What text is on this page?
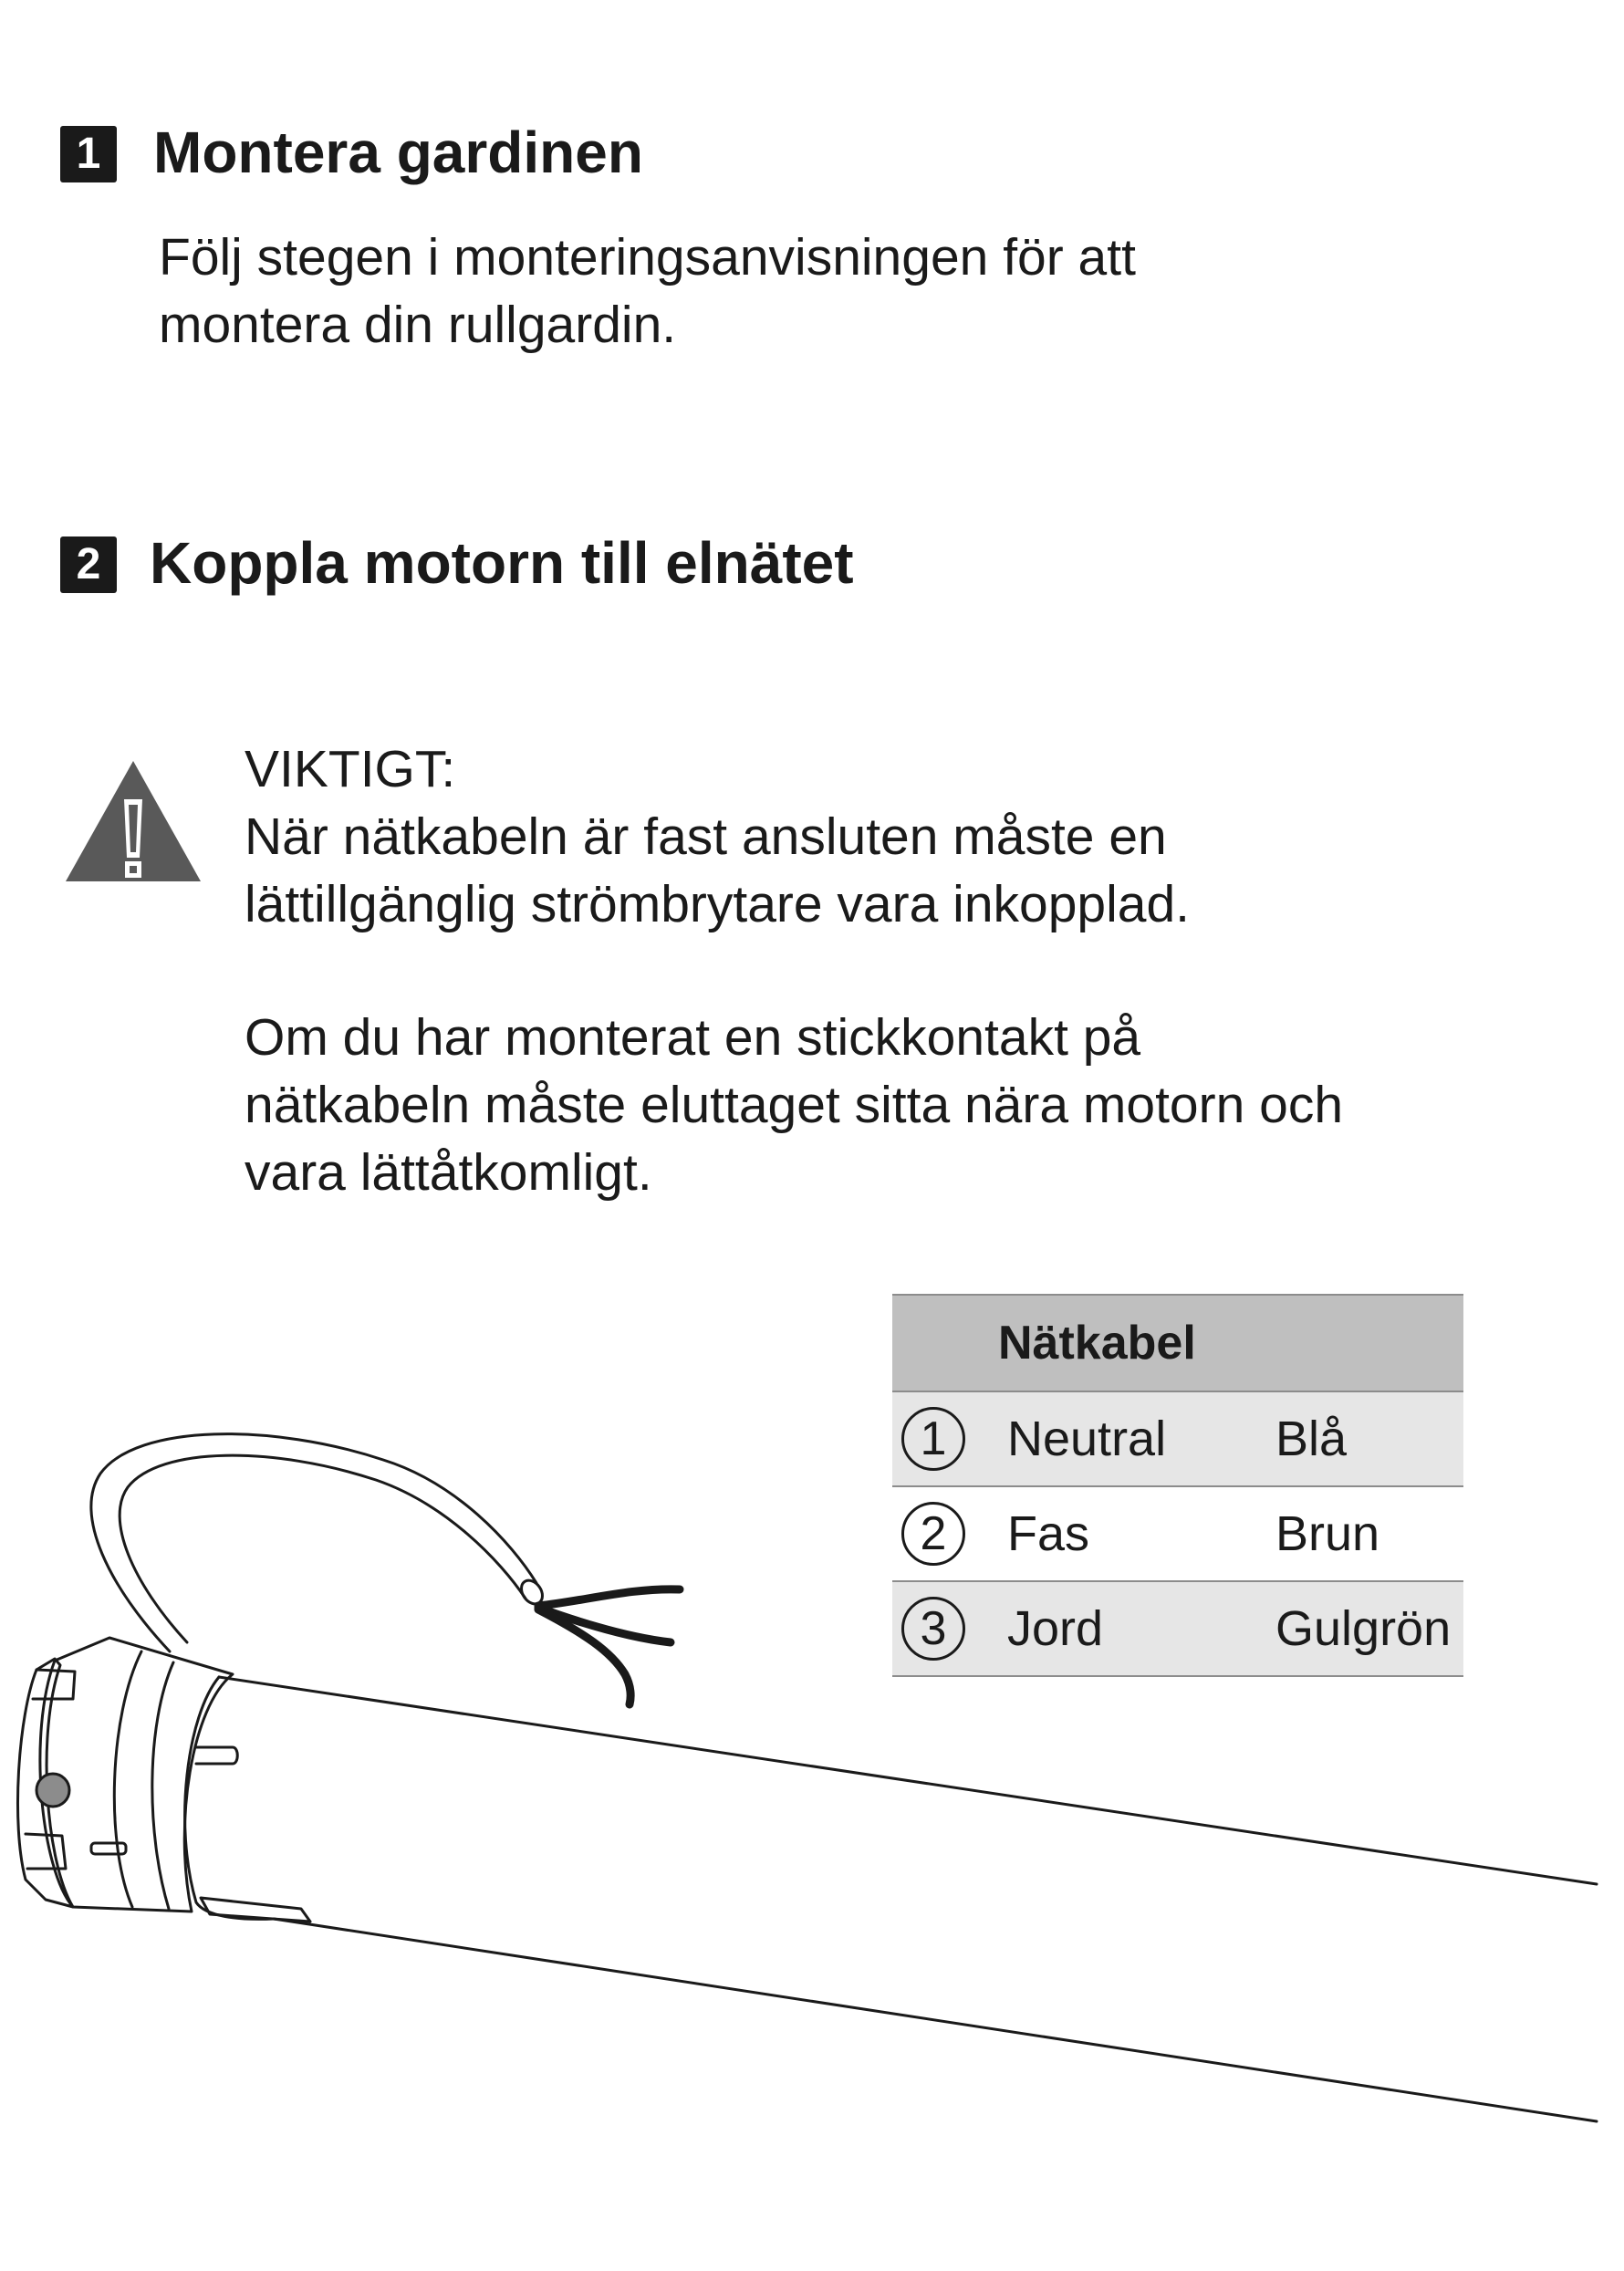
1 Montera gardinen

Följ stegen i monteringsanvisningen för att

montera din rullgardin.

2 Koppla motorn till elnätet

VIKTIGT:

När nätkabeln är fast ansluten måste en

lättillgänglig strömbrytare vara inkopplad.

Om du har monterat en stickkontakt på

nätkabeln måste eluttaget sitta nära motorn och

vara lättåtkomligt.

Nätkabel		
1	Neutral	Blå
2	Fas	Brun
3	Jord	Gulgrön
